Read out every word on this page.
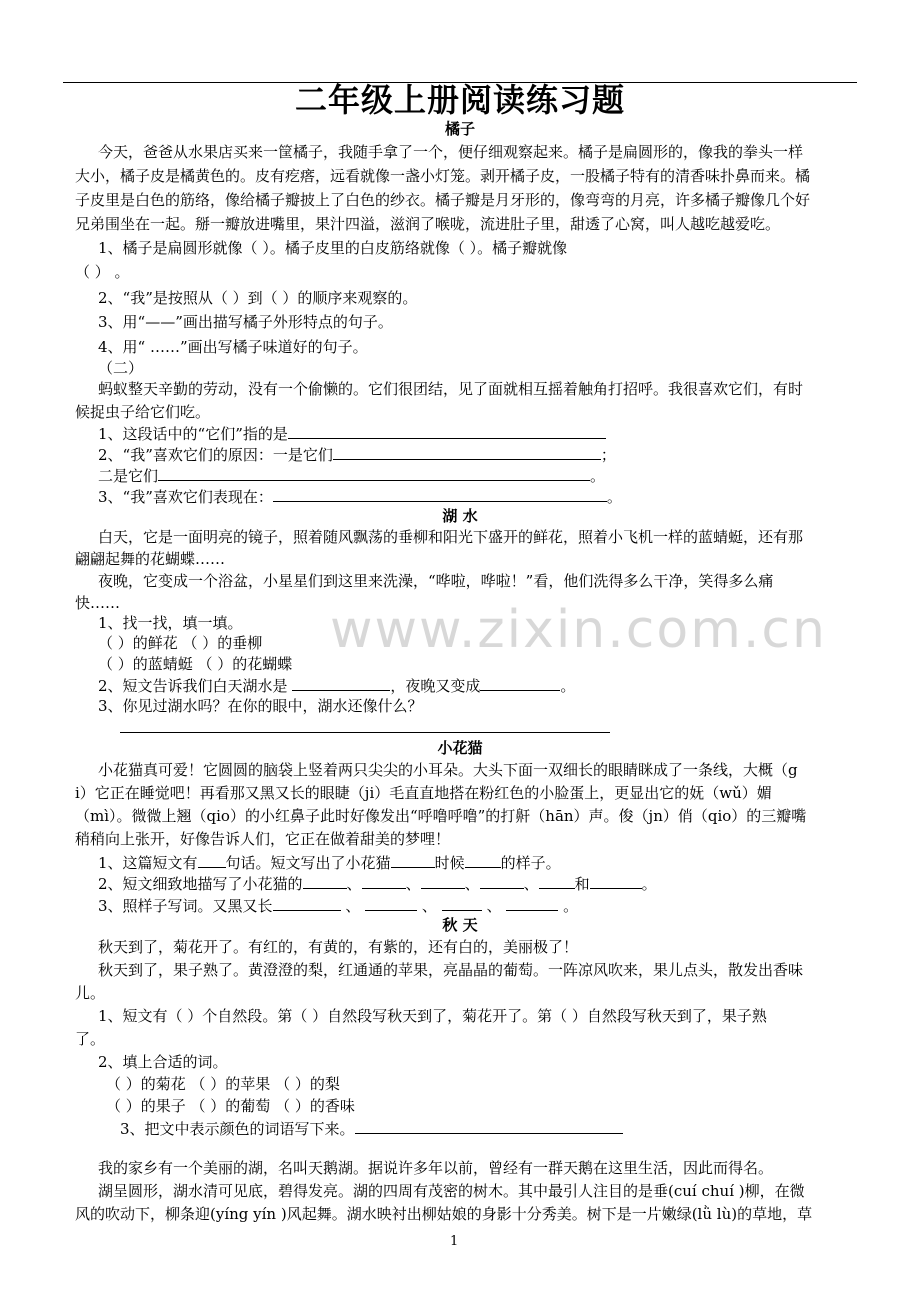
www.zixin.com.cn
二年级上册阅读练习题
橘子
今天，爸爸从水果店买来一筐橘子，我随手拿了一个，便仔细观察起来。橘子是扁圆形的，像我的拳头一样
大小，橘子皮是橘黄色的。皮有疙瘩，远看就像一盏小灯笼。剥开橘子皮，一股橘子特有的清香味扑鼻而来。橘
子皮里是白色的筋络，像给橘子瓣披上了白色的纱衣。橘子瓣是月牙形的，像弯弯的月亮，许多橘子瓣像几个好
兄弟围坐在一起。掰一瓣放进嘴里，果汁四溢，滋润了喉咙，流进肚子里，甜透了心窝，叫人越吃越爱吃。
1、橘子是扁圆形就像（ ）。橘子皮里的白皮筋络就像（ ）。橘子瓣就像
（ ） 。
2、“我”是按照从（ ）到（ ）的顺序来观察的。
3、用“——”画出描写橘子外形特点的句子。
4、用“ ……”画出写橘子味道好的句子。
（二）
蚂蚁整天辛勤的劳动，没有一个偷懒的。它们很团结，见了面就相互摇着触角打招呼。我很喜欢它们，有时
候捉虫子给它们吃。
1、这段话中的“它们”指的是
2、“我”喜欢它们的原因：一是它们	；
二是它们	。
3、“我”喜欢它们表现在：	。
湖 水
白天，它是一面明亮的镜子，照着随风飘荡的垂柳和阳光下盛开的鲜花，照着小飞机一样的蓝蜻蜓，还有那
翩翩起舞的花蝴蝶……
夜晚，它变成一个浴盆，小星星们到这里来洗澡，“哗啦，哗啦！”看，他们洗得多么干净，笑得多么痛
快……
1、找一找，填一填。
（ ）的鲜花 （ ）的垂柳
（ ）的蓝蜻蜓 （ ）的花蝴蝶
2、短文告诉我们白天湖水是	，夜晚又变成	。
3、你见过湖水吗？在你的眼中，湖水还像什么？
小花猫
小花猫真可爱！它圆圆的脑袋上竖着两只尖尖的小耳朵。大头下面一双细长的眼睛眯成了一条线，大概（g
i）它正在睡觉吧！再看那又黑又长的眼睫（ji）毛直直地搭在粉红色的小脸蛋上，更显出它的妩（wǔ）媚
（mì）。微微上翘（qio）的小红鼻子此时好像发出“呼噜呼噜”的打鼾（hān）声。俊（jn）俏（qio）的三瓣嘴
稍稍向上张开，好像告诉人们，它正在做着甜美的梦哩！
1、这篇短文有 句话。短文写出了小花猫	时候 的样子。
2、短文细致地描写了小花猫的	、	、	、	、 和	。
3、照样子写词。又黑又长	、	、	、	。
秋 天
秋天到了，菊花开了。有红的，有黄的，有紫的，还有白的，美丽极了！
秋天到了，果子熟了。黄澄澄的梨，红通通的苹果，亮晶晶的葡萄。一阵凉风吹来，果儿点头，散发出香味
儿。
1、短文有（ ）个自然段。第（ ）自然段写秋天到了，菊花开了。第（ ）自然段写秋天到了，果子熟
了。
2、填上合适的词。
（ ）的菊花 （ ）的苹果 （ ）的梨
（ ）的果子 （ ）的葡萄 （ ）的香味
3、把文中表示颜色的词语写下来。
我的家乡有一个美丽的湖，名叫天鹅湖。据说许多年以前，曾经有一群天鹅在这里生活，因此而得名。
湖呈圆形，湖水清可见底，碧得发亮。湖的四周有茂密的树木。其中最引人注目的是垂(cuí chuí )柳，在微
风的吹动下，柳条迎(yíng yín )风起舞。湖水映衬出柳姑娘的身影十分秀美。树下是一片嫩绿(lǜ lù)的草地，草
1
